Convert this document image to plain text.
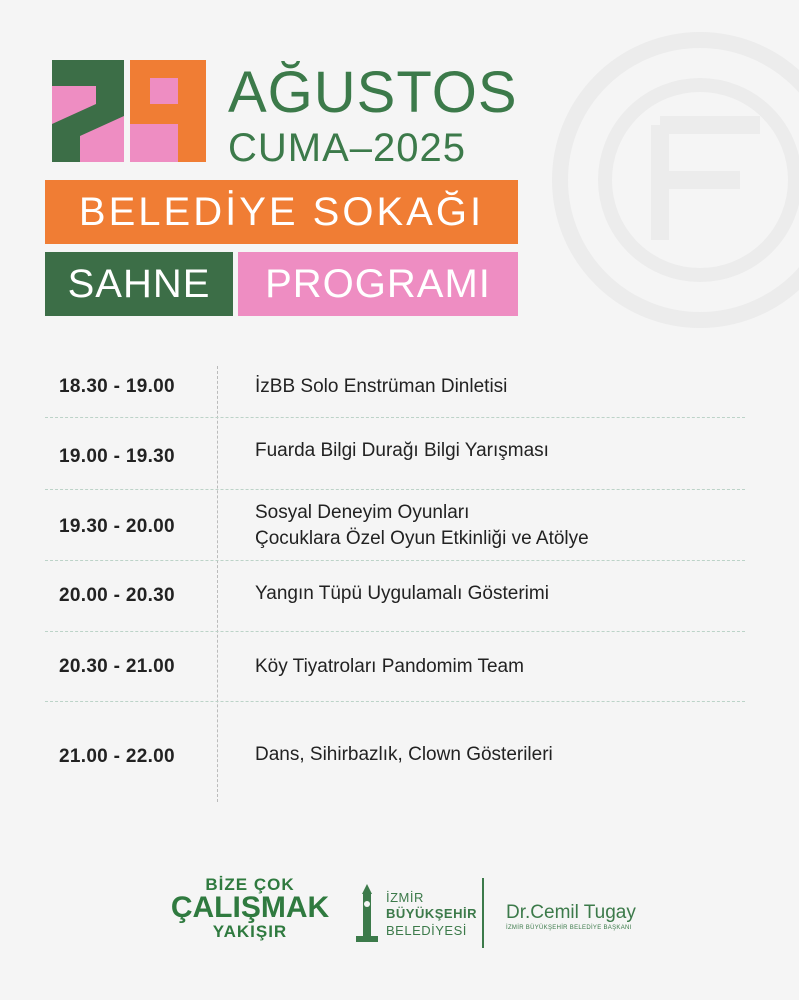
AĞUSTOS
CUMA–2025
BELEDİYE SOKAĞI
SAHNE	PROGRAMI
18.30 - 19.00	İzBB Solo Enstrüman Dinletisi
19.00 - 19.30	Fuarda Bilgi Durağı Bilgi Yarışması
19.30 - 20.00
Sosyal Deneyim Oyunları
Çocuklara Özel Oyun Etkinliği ve Atölye
20.00 - 20.30	Yangın Tüpü Uygulamalı Gösterimi
20.30 - 21.00	Köy Tiyatroları Pandomim Team
21.00 - 22.00	Dans, Sihirbazlık, Clown Gösterileri
BİZE ÇOK
ÇALIŞMAK
YAKIŞIR
İZMİR
BÜYÜKŞEHİR
BELEDİYESİ
Dr.Cemil Tugay
İZMİR BÜYÜKŞEHİR BELEDİYE BAŞKANI
